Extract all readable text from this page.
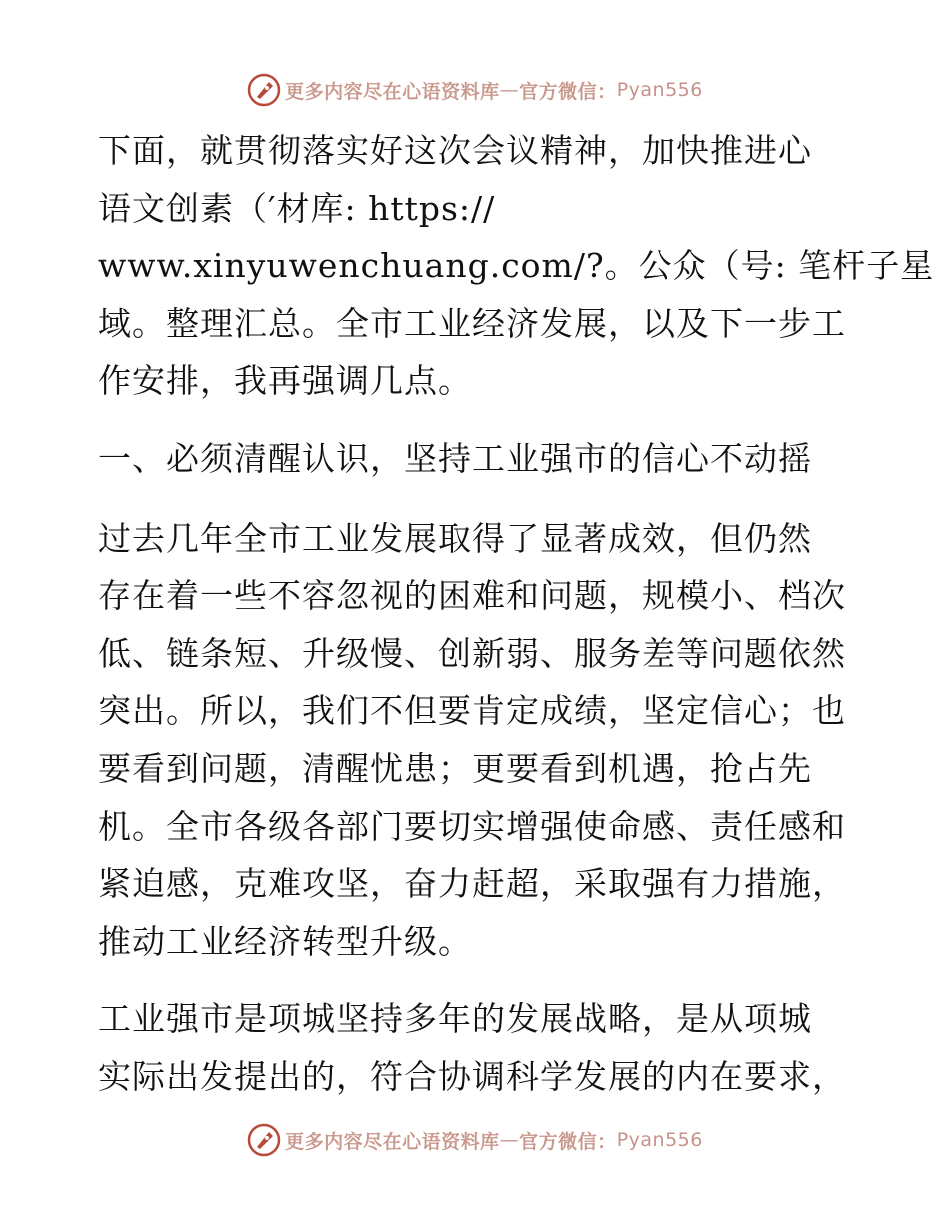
更多内容尽在心语资料库 — 官方微信： Pyan556
下面，就贯彻落实好这次会议精神，加快推进心
语文创素（′材库: https://
www.xinyuwenchuang.com/?。公众（号: 笔杆子星
域。整理汇总。全市工业经济发展，以及下一步工
作安排，我再强调几点。
一、必须清醒认识，坚持工业强市的信心不动摇
过去几年全市工业发展取得了显著成效，但仍然
存在着一些不容忽视的困难和问题，规模小、档次
低、链条短、升级慢、创新弱、服务差等问题依然
突出。所以，我们不但要肯定成绩，坚定信心；也
要看到问题，清醒忧患；更要看到机遇，抢占先
机。全市各级各部门要切实增强使命感、责任感和
紧迫感，克难攻坚，奋力赶超，采取强有力措施，
推动工业经济转型升级。
工业强市是项城坚持多年的发展战略，是从项城
实际出发提出的，符合协调科学发展的内在要求，
更多内容尽在心语资料库 — 官方微信： Pyan556
